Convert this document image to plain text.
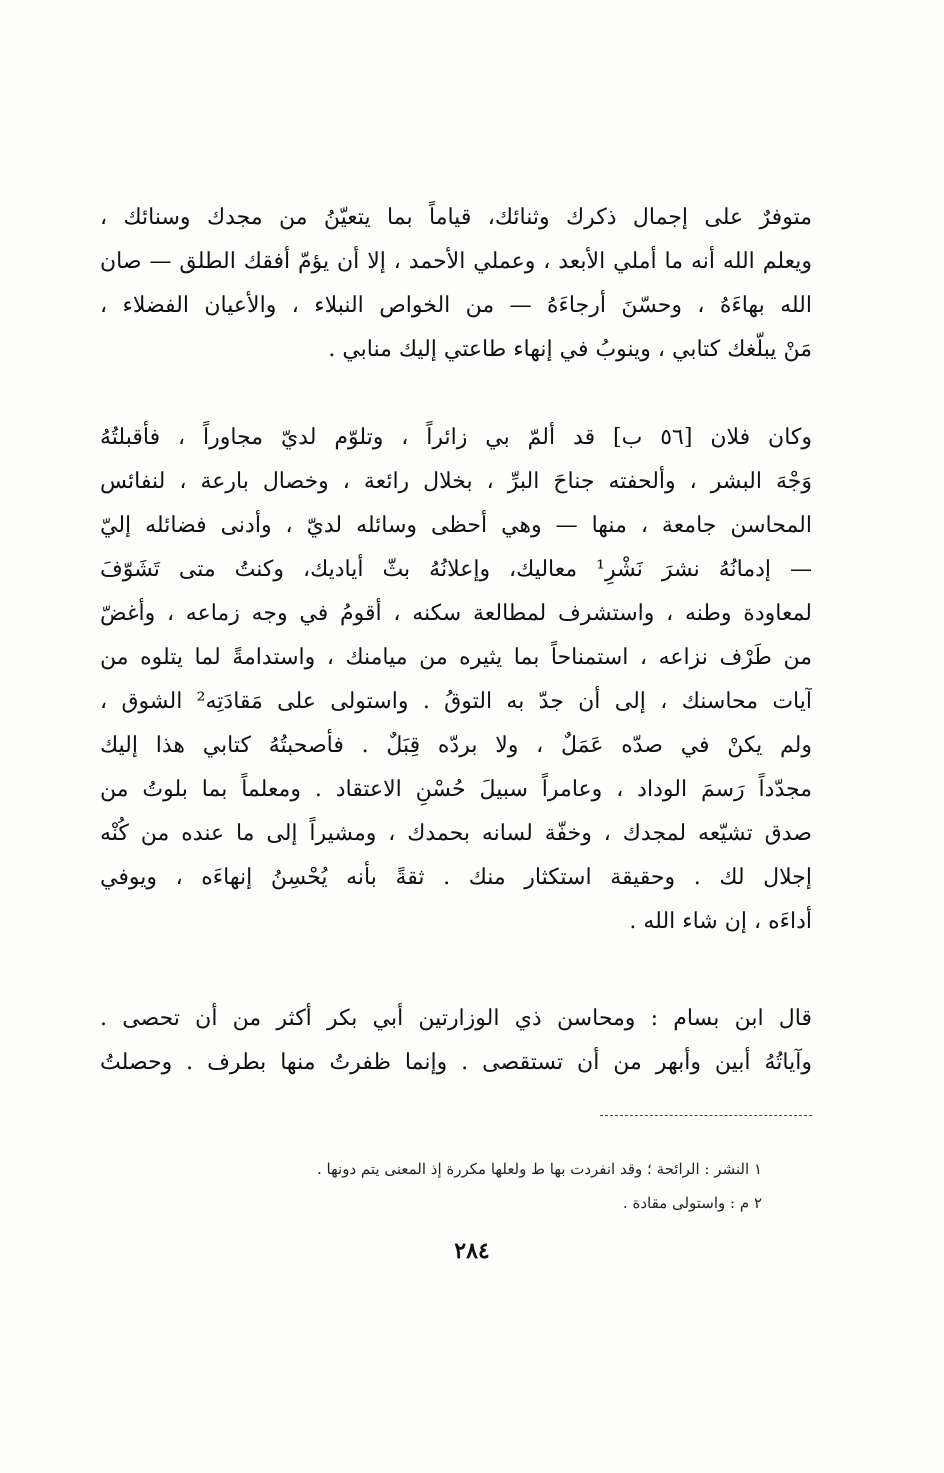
متوفرٌ على إجمال ذكرك وثنائك، قياماً بما يتعيّنُ من مجدك وسنائك ،
ويعلم الله أنه ما أملي الأبعد ، وعملي الأحمد ، إلا أن يؤمّ أفقك الطلق — صان
الله بهاءَهُ ، وحسّنَ أرجاءَهُ — من الخواص النبلاء ، والأعيان الفضلاء ،
مَنْ يبلّغك كتابي ، وينوبُ في إنهاء طاعتي إليك منابي .
وكان فلان [٥٦ ب] قد ألمّ بي زائراً ، وتلوّم لديّ مجاوراً ، فأقبلتُهُ
وَجْهَ البشر ، وألحفته جناحَ البرِّ ، بخلال رائعة ، وخصال بارعة ، لنفائس
المحاسن جامعة ، منها — وهي أحظى وسائله لديّ ، وأدنى فضائله إليّ
— إدمانُهُ نشرَ نَشْرِ¹ معاليك، وإعلانُهُ بثّ أياديك، وكنتُ متى تَشَوّفَ
لمعاودة وطنه ، واستشرف لمطالعة سكنه ، أقومُ في وجه زماعه ، وأغضّ
من طَرْف نزاعه ، استمناحاً بما يثيره من ميامنك ، واستدامةً لما يتلوه من
آيات محاسنك ، إلى أن جدّ به التوقُ . واستولى على مَقادَتِه² الشوق ،
ولم يكنْ في صدّه عَمَلٌ ، ولا بردّه قِبَلٌ . فأصحبتُهُ كتابي هذا إليك
مجدّداً رَسمَ الوداد ، وعامراً سبيلَ حُسْنِ الاعتقاد . ومعلماً بما بلوتُ من
صدق تشيّعه لمجدك ، وخفّة لسانه بحمدك ، ومشيراً إلى ما عنده من كُنْه
إجلال لك . وحقيقة استكثار منك . ثقةً بأنه يُحْسِنُ إنهاءَه ، ويوفي
أداءَه ، إن شاء الله .
قال ابن بسام : ومحاسن ذي الوزارتين أبي بكر أكثر من أن تحصى .
وآياتُهُ أبين وأبهر من أن تستقصى . وإنما ظفرتُ منها بطرف . وحصلتُ
١ النشر : الرائحة ؛ وقد انفردت بها ط ولعلها مكررة إذ المعنى يتم دونها .
٢ م : واستولى مقادة .
٢٨٤
